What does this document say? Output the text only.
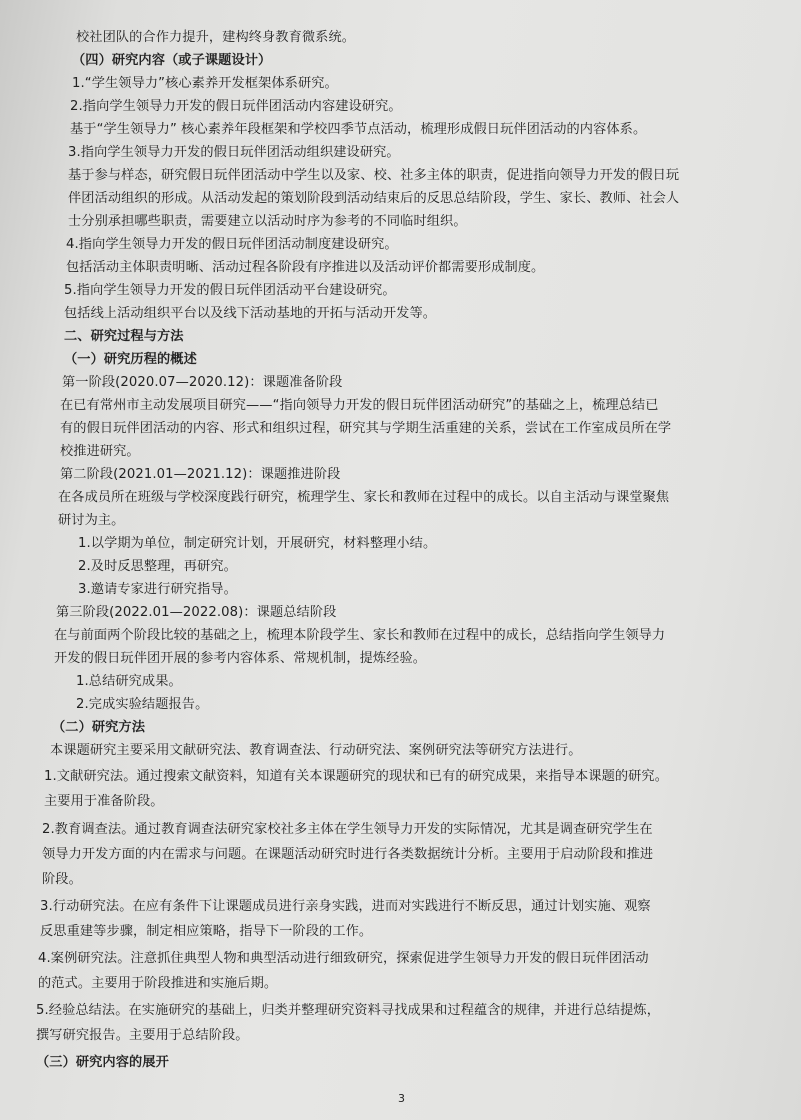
校社团队的合作力提升，建构终身教育微系统。
（四）研究内容（或子课题设计）
1.“学生领导力”核心素养开发框架体系研究。
2.指向学生领导力开发的假日玩伴团活动内容建设研究。
基于“学生领导力” 核心素养年段框架和学校四季节点活动，梳理形成假日玩伴团活动的内容体系。
3.指向学生领导力开发的假日玩伴团活动组织建设研究。
基于参与样态，研究假日玩伴团活动中学生以及家、校、社多主体的职责，促进指向领导力开发的假日玩
伴团活动组织的形成。从活动发起的策划阶段到活动结束后的反思总结阶段，学生、家长、教师、社会人
士分别承担哪些职责，需要建立以活动时序为参考的不同临时组织。
4.指向学生领导力开发的假日玩伴团活动制度建设研究。
包括活动主体职责明晰、活动过程各阶段有序推进以及活动评价都需要形成制度。
5.指向学生领导力开发的假日玩伴团活动平台建设研究。
包括线上活动组织平台以及线下活动基地的开拓与活动开发等。
二、研究过程与方法
（一）研究历程的概述
第一阶段(2020.07—2020.12)：课题准备阶段
在已有常州市主动发展项目研究——“指向领导力开发的假日玩伴团活动研究”的基础之上，梳理总结已
有的假日玩伴团活动的内容、形式和组织过程，研究其与学期生活重建的关系，尝试在工作室成员所在学
校推进研究。
第二阶段(2021.01—2021.12)：课题推进阶段
在各成员所在班级与学校深度践行研究，梳理学生、家长和教师在过程中的成长。以自主活动与课堂聚焦
研讨为主。
1.以学期为单位，制定研究计划，开展研究，材料整理小结。
2.及时反思整理，再研究。
3.邀请专家进行研究指导。
第三阶段(2022.01—2022.08)：课题总结阶段
在与前面两个阶段比较的基础之上，梳理本阶段学生、家长和教师在过程中的成长，总结指向学生领导力
开发的假日玩伴团开展的参考内容体系、常规机制，提炼经验。
1.总结研究成果。
2.完成实验结题报告。
（二）研究方法
本课题研究主要采用文献研究法、教育调查法、行动研究法、案例研究法等研究方法进行。
1.文献研究法。通过搜索文献资料，知道有关本课题研究的现状和已有的研究成果，来指导本课题的研究。
主要用于准备阶段。
2.教育调查法。通过教育调查法研究家校社多主体在学生领导力开发的实际情况，尤其是调查研究学生在
领导力开发方面的内在需求与问题。在课题活动研究时进行各类数据统计分析。主要用于启动阶段和推进
阶段。
3.行动研究法。在应有条件下让课题成员进行亲身实践，进而对实践进行不断反思，通过计划实施、观察
反思重建等步骤，制定相应策略，指导下一阶段的工作。
4.案例研究法。注意抓住典型人物和典型活动进行细致研究，探索促进学生领导力开发的假日玩伴团活动
的范式。主要用于阶段推进和实施后期。
5.经验总结法。在实施研究的基础上，归类并整理研究资料寻找成果和过程蕴含的规律，并进行总结提炼，
撰写研究报告。主要用于总结阶段。
（三）研究内容的展开
3
